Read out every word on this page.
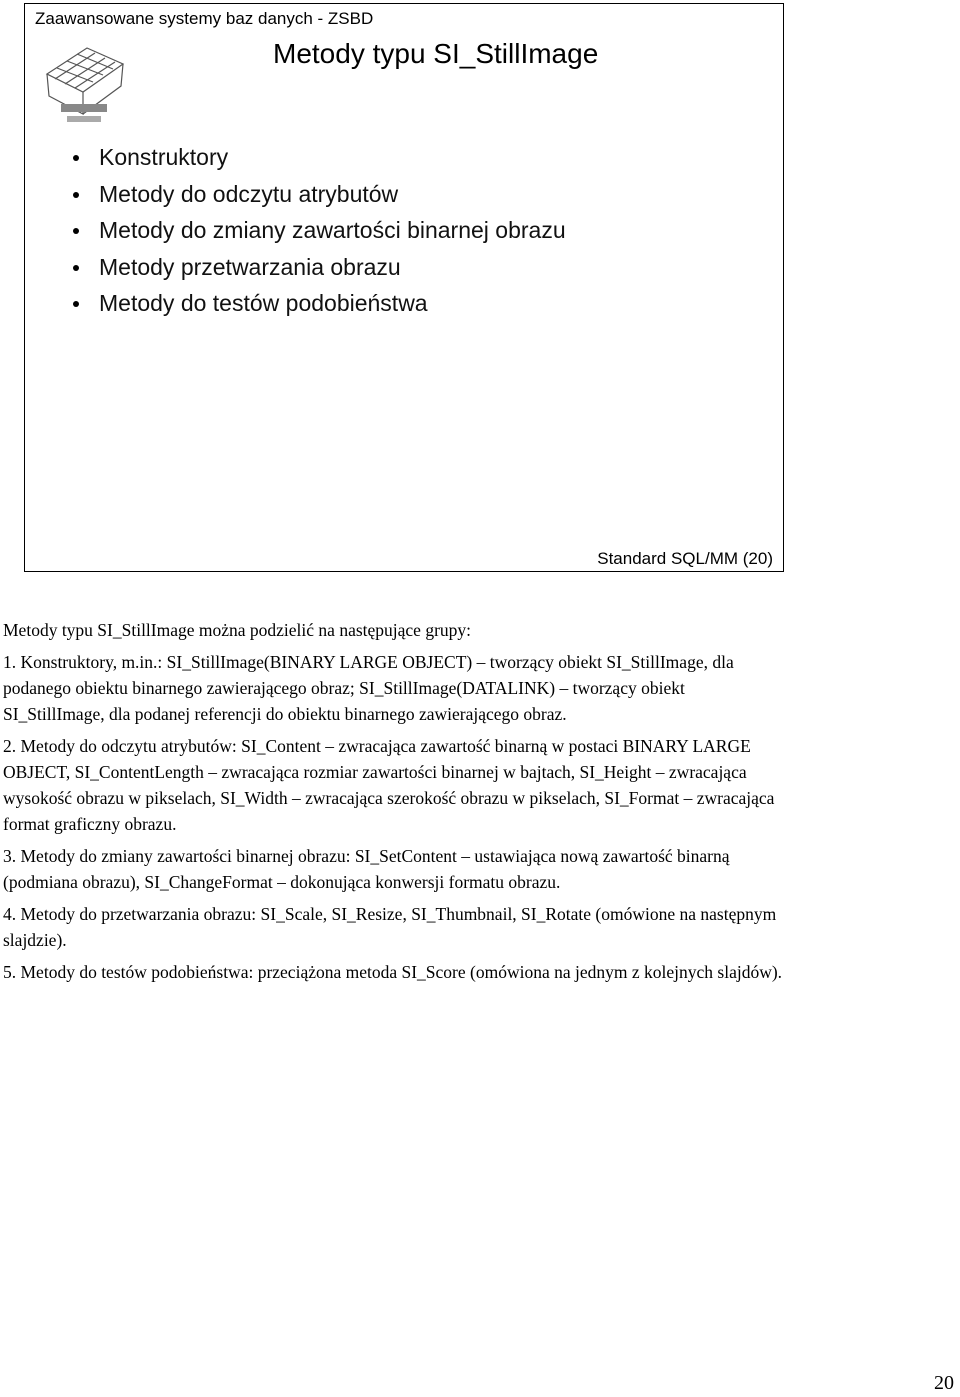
Zaawansowane systemy baz danych - ZSBD
Metody typu SI_StillImage
Konstruktory
Metody do odczytu atrybutów
Metody do zmiany zawartości binarnej obrazu
Metody przetwarzania obrazu
Metody do testów podobieństwa
Standard SQL/MM (20)

Metody typu SI_StillImage można podzielić na następujące grupy:

1. Konstruktory, m.in.: SI_StillImage(BINARY LARGE OBJECT) – tworzący obiekt SI_StillImage, dla podanego obiektu binarnego zawierającego obraz; SI_StillImage(DATALINK) – tworzący obiekt SI_StillImage, dla podanej referencji do obiektu binarnego zawierającego obraz.

2. Metody do odczytu atrybutów: SI_Content – zwracająca zawartość binarną w postaci BINARY LARGE OBJECT, SI_ContentLength – zwracająca rozmiar zawartości binarnej w bajtach, SI_Height – zwracająca wysokość obrazu w pikselach, SI_Width – zwracająca szerokość obrazu w pikselach, SI_Format – zwracająca format graficzny obrazu.

3. Metody do zmiany zawartości binarnej obrazu: SI_SetContent – ustawiająca nową zawartość binarną (podmiana obrazu), SI_ChangeFormat – dokonująca konwersji formatu obrazu.

4. Metody do przetwarzania obrazu: SI_Scale, SI_Resize, SI_Thumbnail, SI_Rotate (omówione na następnym slajdzie).

5. Metody do testów podobieństwa: przeciążona metoda SI_Score (omówiona na jednym z kolejnych slajdów).

20
